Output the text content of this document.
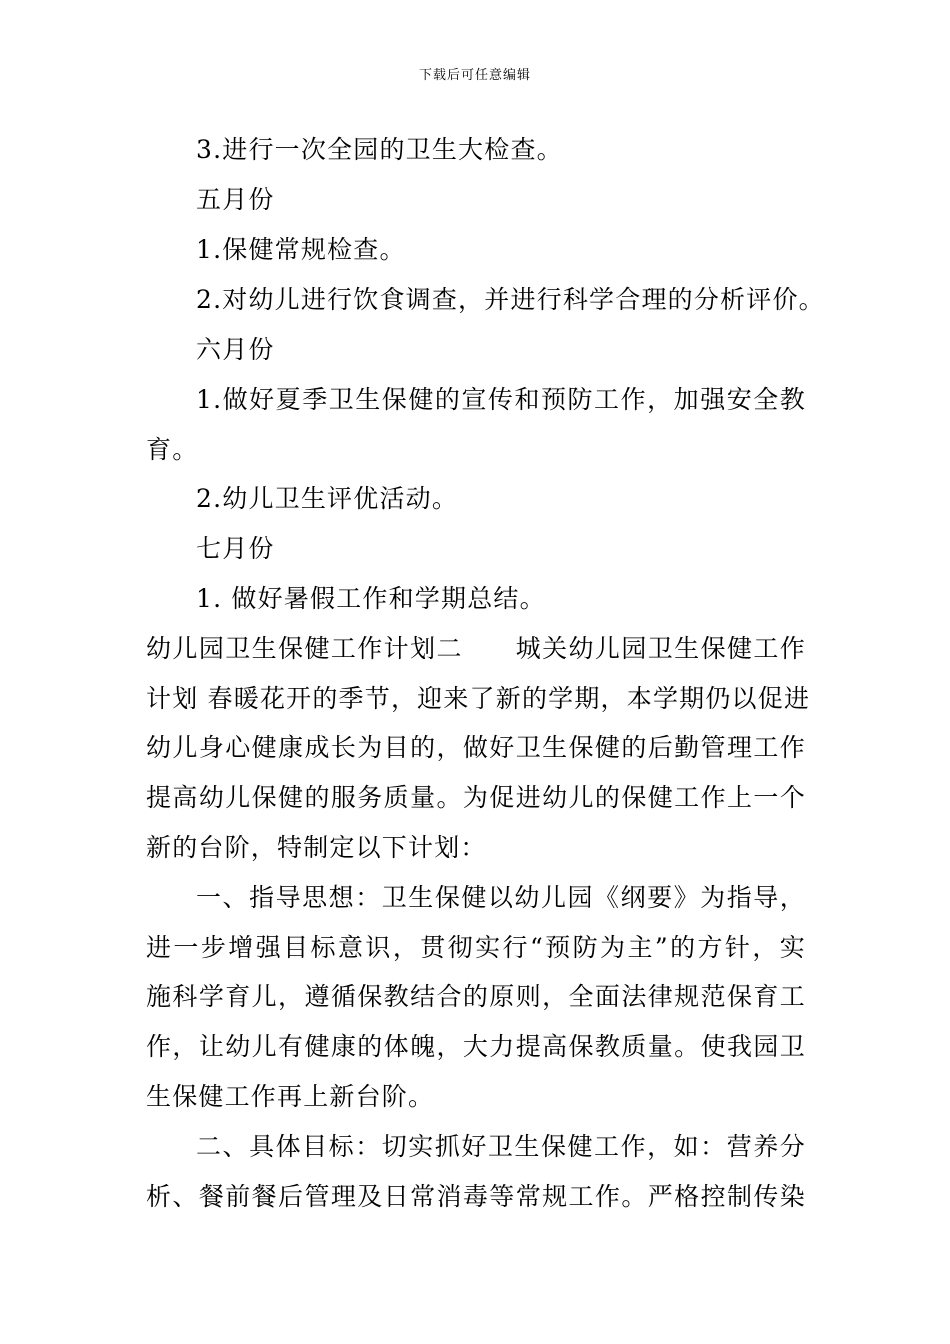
下载后可任意编辑
3.进行一次全园的卫生大检查。
五月份
1.保健常规检查。
2.对幼儿进行饮食调查，并进行科学合理的分析评价。
六月份
1.做好夏季卫生保健的宣传和预防工作，加强安全教
育。
2.幼儿卫生评优活动。
七月份
1. 做好暑假工作和学期总结。
幼儿园卫生保健工作计划二　　城关幼儿园卫生保健工作
计划 春暖花开的季节，迎来了新的学期，本学期仍以促进
幼儿身心健康成长为目的，做好卫生保健的后勤管理工作
提高幼儿保健的服务质量。为促进幼儿的保健工作上一个
新的台阶，特制定以下计划：
一、指导思想：卫生保健以幼儿园《纲要》为指导，
进一步增强目标意识，贯彻实行“预防为主”的方针，实
施科学育儿，遵循保教结合的原则，全面法律规范保育工
作，让幼儿有健康的体魄，大力提高保教质量。使我园卫
生保健工作再上新台阶。
二、具体目标：切实抓好卫生保健工作，如：营养分
析、餐前餐后管理及日常消毒等常规工作。严格控制传染
